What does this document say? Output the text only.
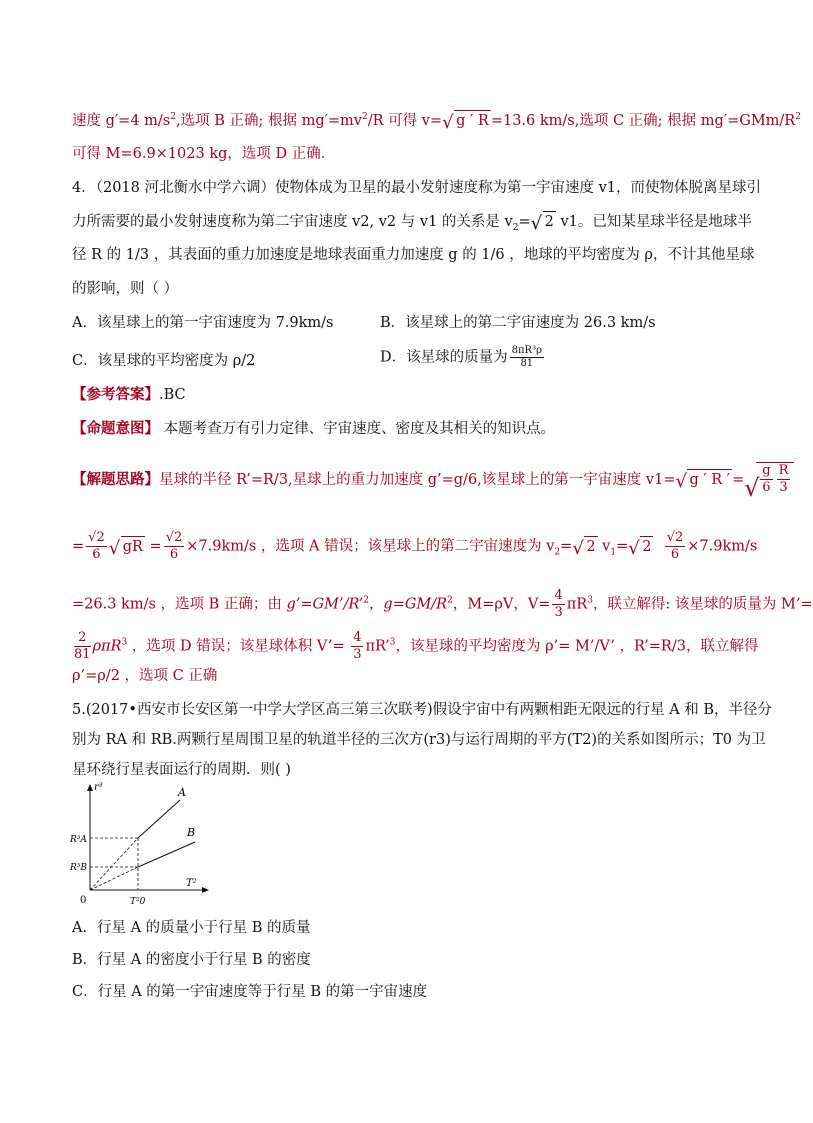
速度 g′=4 $m/s^2$,选项 B 正确; 根据 $mg'=mv^2/R$ 可得 v= √ g ′ R =13.6 km/s,选项 C 正确; 根据 $mg'=GMm/R^2$
可得 M=6.9×1023 kg，选项 D 正确．
4．（2018 河北衡水中学六调）使物体成为卫星的最小发射速度称为第一宇宙速度 v1，而使物体脱离星球引
力所需要的最小发射速度称为第二宇宙速度 v2, v2 与 v1 的关系是 $v_2=$ √ 2 v1。已知某星球半径是地球半
径 R 的 1/3 ，其表面的重力加速度是地球表面重力加速度 g 的 1/6 ，地球的平均密度为 ρ，不计其他星球
的影响，则（ ）
A．该星球上的第一宇宙速度为 7.9km/s	B．该星球上的第二宇宙速度为 26.3 km/s
C．该星球的平均密度为 ρ/2	D．该星球的质量为 $\frac{\text{8πR³ρ}}{81}$
【参考答案】.BC
【命题意图】 本题考查万有引力定律、宇宙速度、密度及其相关的知识点。
【解题思路】星球的半径 R’=R/3,星球上的重力加速度 g’=g/6,该星球上的第一宇宙速度 v1= √ g ′ R ′ = √ $\frac{g}{6} \frac{R}{3}$
= $\frac{√2}{6}$ √ gR = $\frac{√2}{6} \times 7.9km/s$ ，选项 A 错误；该星球上的第二宇宙速度为 $v_2=$ √ 2 $v_1=$ √ $2 \frac{√2}{6} \times 7.9km/s$
=26.3 km/s ，选项 B 正确；由 g’=GM’/R’$^2$，$g=GM/R^2$，M=ρV，$V= \frac{4}{3} \pi R^3$，联立解得: 该星球的质量为 M’=
$\frac{2}{81} \rho\pi R^3$ ，选项 D 错误；该星球体积 V’= $\frac{4}{3}$ πR’$^3$，该星球的平均密度为 ρ’= M’/V’ ，R’=R/3，联立解得
ρ’=ρ/2 ，选项 C 正确
5.(2017•西安市长安区第一中学大学区高三第三次联考)假设宇宙中有两颗相距无限远的行星 A 和 B，半径分
别为 RA 和 RB.两颗行星周围卫星的轨道半径的三次方(r3)与运行周期的平方(T2)的关系如图所示；T0 为卫
星环绕行星表面运行的周期．则( )
r³
T²
0
R³A
R³B
T²0
A
B
A．行星 A 的质量小于行星 B 的质量
B．行星 A 的密度小于行星 B 的密度
C．行星 A 的第一宇宙速度等于行星 B 的第一宇宙速度
